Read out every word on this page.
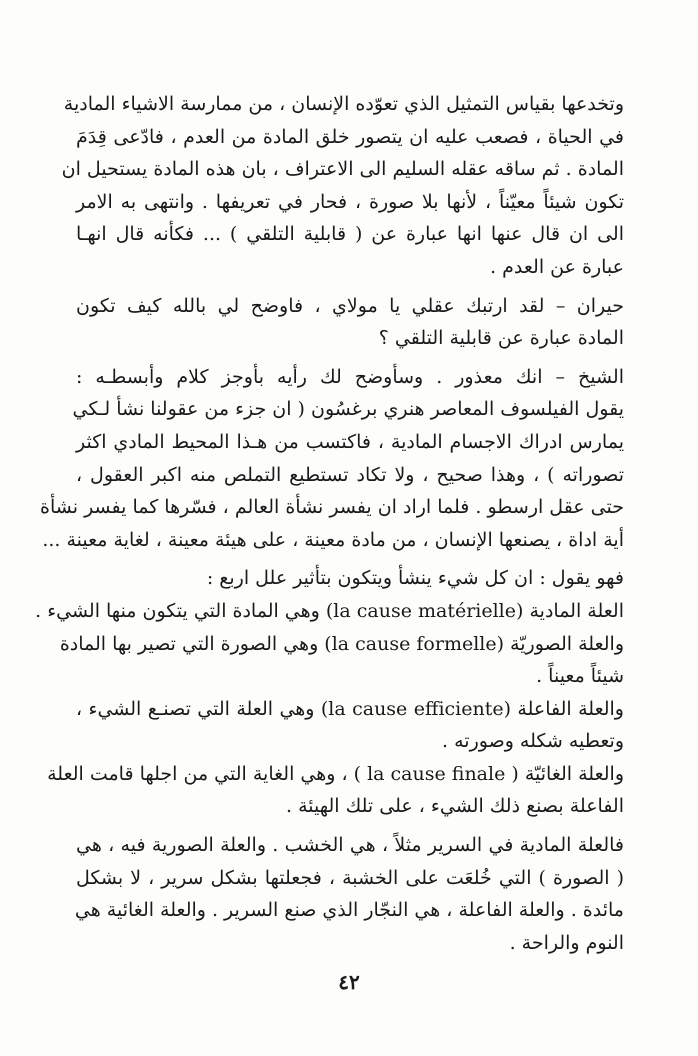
وتخدعها بقياس التمثيل الذي تعوّده الإنسان ، من ممارسة الاشياء المادية
في الحياة ، فصعب عليه ان يتصور خلق المادة من العدم ، فادّعى قِدَمَ
المادة . ثم ساقه عقله السليم الى الاعتراف ، بان هذه المادة يستحيل ان
تكون شيئاً معيّناً ، لأنها بلا صورة ، فحار في تعريفها . وانتهى به الامر
الى ان قال عنها انها عبارة عن ( قابلية التلقي ) ... فكأنه قال انهـا
عبارة عن العدم .
حيران – لقد ارتبك عقلي يا مولاي ، فاوضح لي بالله كيف تكون
المادة عبارة عن قابلية التلقي ؟
الشيخ – انك معذور . وسأوضح لك رأيه بأوجز كلام وأبسطـه :
يقول الفيلسوف المعاصر هنري برغسُون ( ان جزء من عقولنا نشأ لـكي
يمارس ادراك الاجسام المادية ، فاكتسب من هـذا المحيط المادي اكثر
تصوراته ) ، وهذا صحيح ، ولا تكاد تستطيع التملص منه اكبر العقول ،
حتى عقل ارسطو . فلما اراد ان يفسر نشأة العالم ، فسّرها كما يفسر نشأة
أية اداة ، يصنعها الإنسان ، من مادة معينة ، على هيئة معينة ، لغاية معينة ...
فهو يقول : ان كل شيء ينشأ ويتكون بتأثير علل اربع :
العلة المادية (la cause matérielle) وهي المادة التي يتكون منها الشيء .
والعلة الصوريّة (la cause formelle) وهي الصورة التي تصير بها المادة
شيئاً معيناً .
والعلة الفاعلة (la cause efficiente) وهي العلة التي تصنـع الشيء ،
وتعطيه شكله وصورته .
والعلة الغائيّة ( la cause finale ) ، وهي الغاية التي من اجلها قامت العلة
الفاعلة بصنع ذلك الشيء ، على تلك الهيئة .
فالعلة المادية في السرير مثلاً ، هي الخشب . والعلة الصورية فيه ، هي
( الصورة ) التي خُلعَت على الخشبة ، فجعلتها بشكل سرير ، لا بشكل
مائدة . والعلة الفاعلة ، هي النجّار الذي صنع السرير . والعلة الغائية هي
النوم والراحة .
٤٢
